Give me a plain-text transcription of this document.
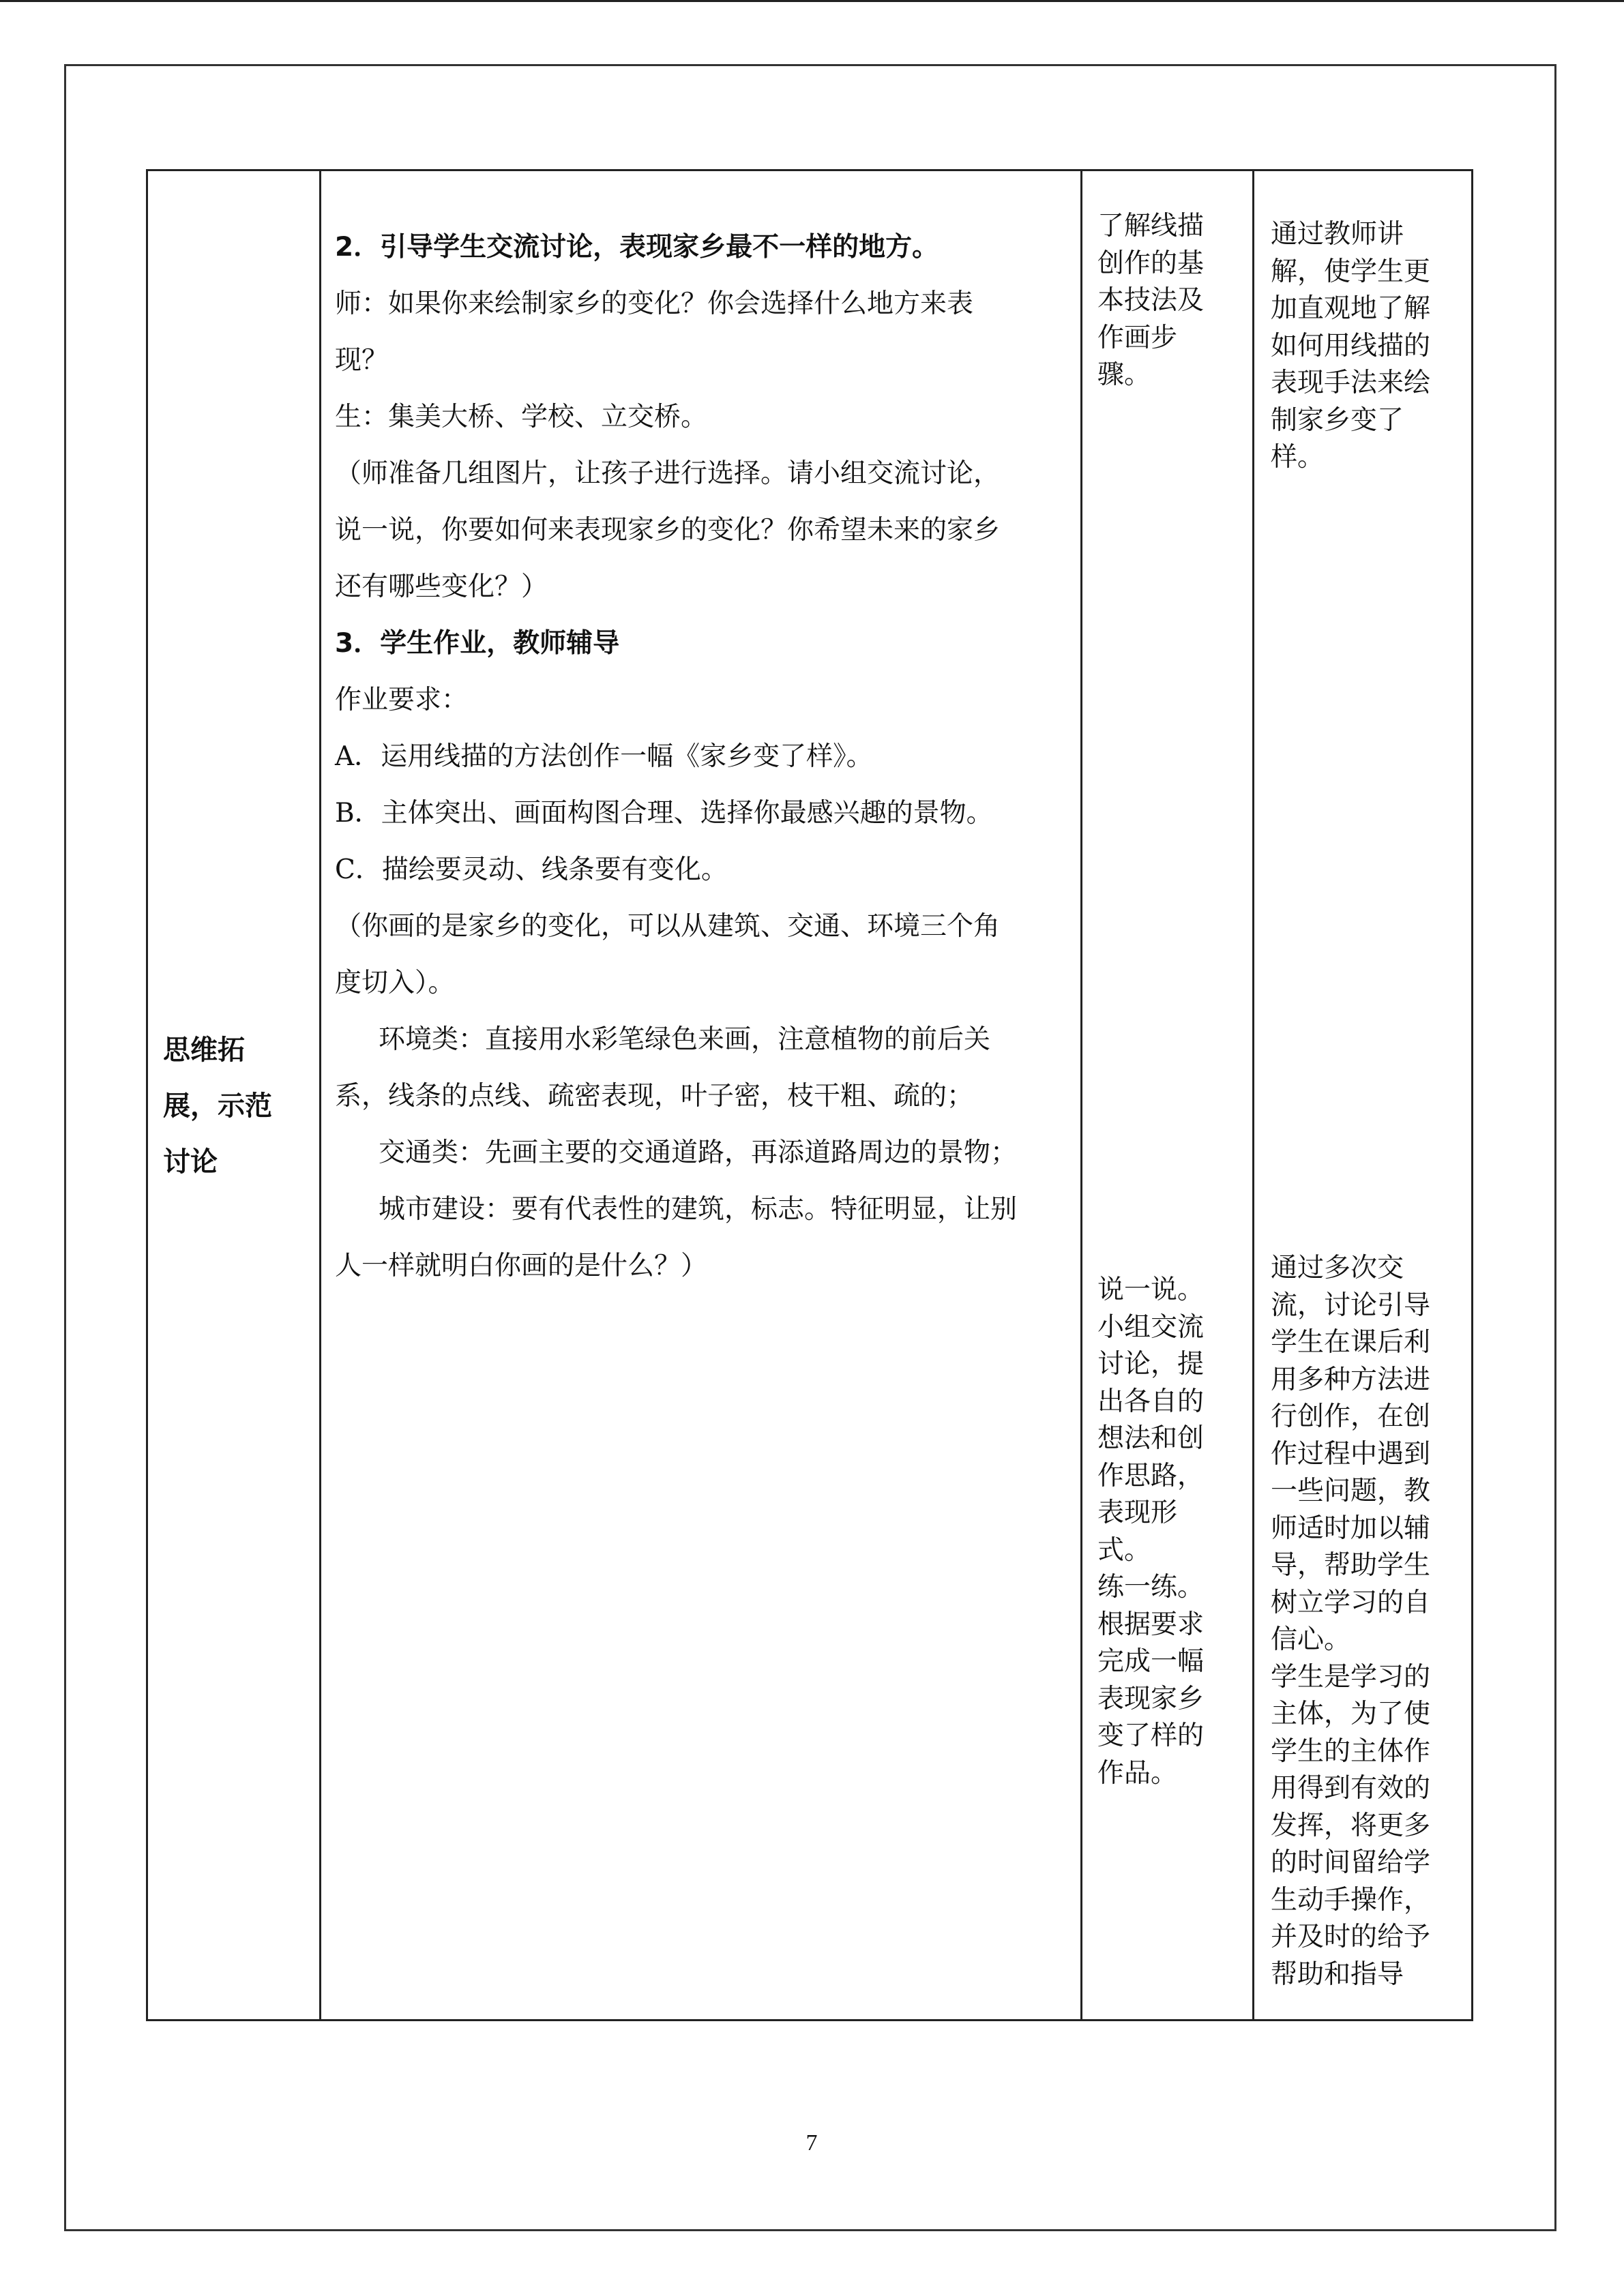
思维拓
展，示范
讨论

2．引导学生交流讨论，表现家乡最不一样的地方。

师：如果你来绘制家乡的变化？你会选择什么地方来表

现？

生：集美大桥、学校、立交桥。

（师准备几组图片，让孩子进行选择。请小组交流讨论，

说一说，你要如何来表现家乡的变化？你希望未来的家乡

还有哪些变化？）

3．学生作业，教师辅导

作业要求：

A．运用线描的方法创作一幅《家乡变了样》。

B．主体突出、画面构图合理、选择你最感兴趣的景物。

C．描绘要灵动、线条要有变化。

（你画的是家乡的变化，可以从建筑、交通、环境三个角

度切入）。

环境类：直接用水彩笔绿色来画，注意植物的前后关

系，线条的点线、疏密表现，叶子密，枝干粗、疏的；

交通类：先画主要的交通道路，再添道路周边的景物；

城市建设：要有代表性的建筑，标志。特征明显，让别

人一样就明白你画的是什么？）

了解线描
创作的基
本技法及
作画步
骤。
说一说。
小组交流
讨论，提
出各自的
想法和创
作思路，
表现形
式。
练一练。
根据要求
完成一幅
表现家乡
变了样的
作品。
通过教师讲
解，使学生更
加直观地了解
如何用线描的
表现手法来绘
制家乡变了
样。
通过多次交
流，讨论引导
学生在课后利
用多种方法进
行创作，在创
作过程中遇到
一些问题，教
师适时加以辅
导，帮助学生
树立学习的自
信心。
学生是学习的
主体，为了使
学生的主体作
用得到有效的
发挥，将更多
的时间留给学
生动手操作，
并及时的给予
帮助和指导
7
